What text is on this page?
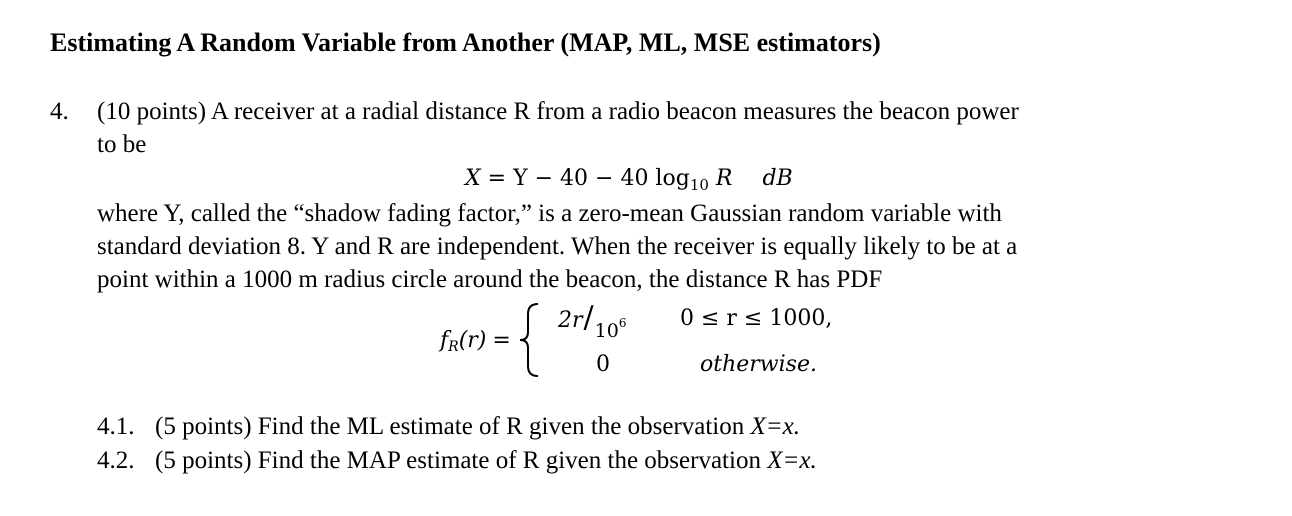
Estimating A Random Variable from Another (MAP, ML, MSE estimators)
4. (10 points) A receiver at a radial distance R from a radio beacon measures the beacon power
to be
X = Y − 40 − 40 $\log_{10} R$ dB
where Y, called the “shadow fading factor,” is a zero-mean Gaussian random variable with
standard deviation 8. Y and R are independent. When the receiver is equally likely to be at a
point within a 1000 m radius circle around the beacon, the distance R has PDF
$f_R(r)$ =
$2r/10^6$ 0 ≤ r ≤ 1000,
0	otherwise.
4.1. (5 points) Find the ML estimate of R given the observation X=x.
4.2. (5 points) Find the MAP estimate of R given the observation X=x.
